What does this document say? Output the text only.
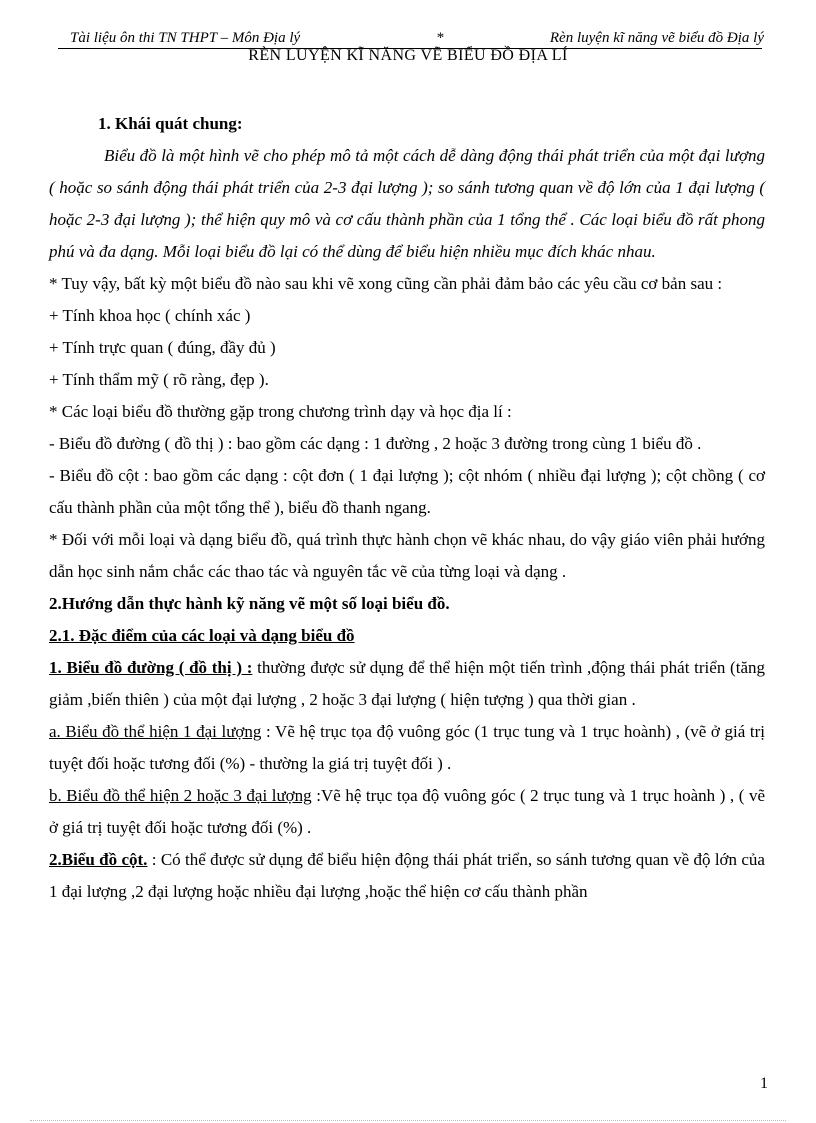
Tài liệu ôn thi TN THPT – Môn Địa lý	*	Rèn luyện kĩ năng vẽ biểu đồ Địa lý
RÈN LUYỆN KĨ NĂNG VẼ BIỂU ĐỒ ĐỊA LÍ

1. Khái quát chung:

Biểu đồ là một hình vẽ cho phép mô tả một cách dễ dàng động thái phát triển của một đại lượng ( hoặc so sánh động thái phát triển của 2-3 đại lượng ); so sánh tương quan về độ lớn của 1 đại lượng ( hoặc 2-3 đại lượng ); thể hiện quy mô và cơ cấu thành phần của 1 tổng thể . Các loại biểu đồ rất phong phú và đa dạng. Mỗi loại biểu đồ lại có thể dùng để biểu hiện nhiều mục đích khác nhau.

* Tuy vậy, bất kỳ một biểu đồ nào sau khi vẽ xong cũng cần phải đảm bảo các yêu cầu cơ bản sau :

+ Tính khoa học ( chính xác )

+ Tính trực quan ( đúng, đầy đủ )

+ Tính thẩm mỹ ( rõ ràng, đẹp ).

* Các loại biểu đồ thường gặp trong chương trình dạy và học địa lí :

- Biểu đồ đường ( đồ thị ) : bao gồm các dạng : 1 đường , 2 hoặc 3 đường trong cùng 1 biểu đồ .

- Biểu đồ cột : bao gồm các dạng : cột đơn ( 1 đại lượng ); cột nhóm ( nhiều đại lượng ); cột chồng ( cơ cấu thành phần của một tổng thể ), biểu đồ thanh ngang.

* Đối với mỗi loại và dạng biểu đồ, quá trình thực hành chọn vẽ khác nhau, do vậy giáo viên phải hướng dẫn học sinh nắm chắc các thao tác và nguyên tắc vẽ của từng loại và dạng .

2.Hướng dẫn thực hành kỹ năng vẽ một số loại biểu đồ.

2.1. Đặc điểm của các loại và dạng biểu đồ

1. Biểu đồ đường ( đồ thị ) : thường được sử dụng để thể hiện một tiến trình ,động thái phát triển (tăng giảm ,biến thiên ) của một đại lượng , 2 hoặc 3 đại lượng ( hiện tượng ) qua thời gian .

a. Biểu đồ thể hiện 1 đại lượng : Vẽ hệ trục tọa độ vuông góc (1 trục tung và 1 trục hoành) , (vẽ ở giá trị tuyệt đối hoặc tương đối (%) - thường la giá trị tuyệt đối ) .

b. Biểu đồ thể hiện 2 hoặc 3 đại lượng :Vẽ hệ trục tọa độ vuông góc ( 2 trục tung và 1 trục hoành ) , ( vẽ ở giá trị tuyệt đối hoặc tương đối (%) .

2.Biểu đồ cột. : Có thể được sử dụng để biểu hiện động thái phát triển, so sánh tương quan về độ lớn của 1 đại lượng ,2 đại lượng hoặc nhiều đại lượng ,hoặc thể hiện cơ cấu thành phần

1
